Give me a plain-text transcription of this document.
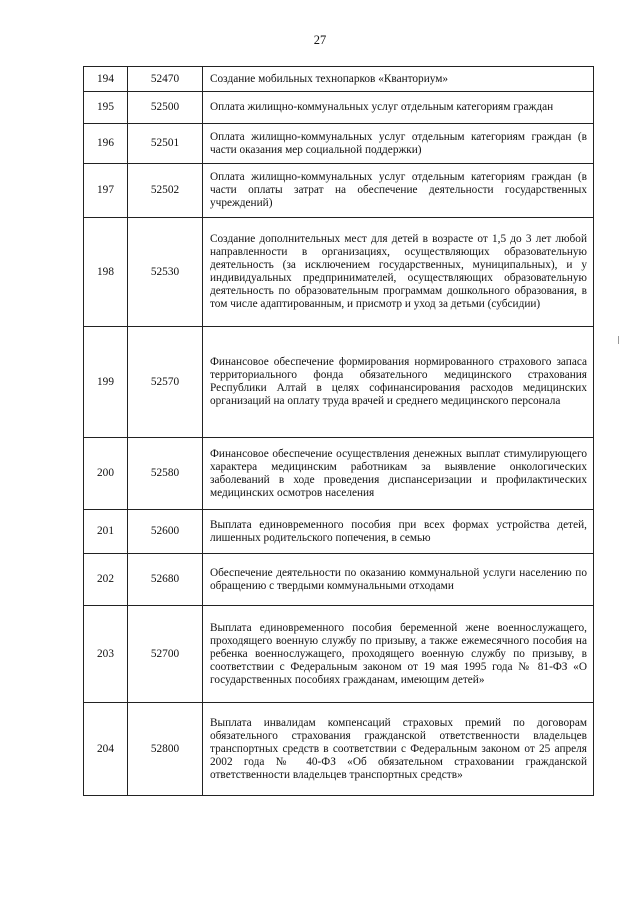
27
194	52470	Создание мобильных технопарков «Кванториум»
195	52500	Оплата жилищно-коммунальных услуг отдельным категориям граждан
196	52501	Оплата жилищно-коммунальных услуг отдельным категориям граждан (в части оказания мер социальной поддержки)
197	52502	Оплата жилищно-коммунальных услуг отдельным категориям граждан (в части оплаты затрат на обеспечение деятельности государственных учреждений)
198	52530	Создание дополнительных мест для детей в возрасте от 1,5 до 3 лет любой направленности в организациях, осуществляющих образовательную деятельность (за исключением государственных, муниципальных), и у индивидуальных предпринимателей, осуществляющих образовательную деятельность по образовательным программам дошкольного образования, в том числе адаптированным, и присмотр и уход за детьми (субсидии)
199	52570	Финансовое обеспечение формирования нормированного страхового запаса территориального фонда обязательного медицинского страхования Республики Алтай в целях софинансирования расходов медицинских организаций на оплату труда врачей и среднего медицинского персонала
200	52580	Финансовое обеспечение осуществления денежных выплат стимулирующего характера медицинским работникам за выявление онкологических заболеваний в ходе проведения диспансеризации и профилактических медицинских осмотров населения
201	52600	Выплата единовременного пособия при всех формах устройства детей, лишенных родительского попечения, в семью
202	52680	Обеспечение деятельности по оказанию коммунальной услуги населению по обращению с твердыми коммунальными отходами
203	52700	Выплата единовременного пособия беременной жене военнослужащего, проходящего военную службу по призыву, а также ежемесячного пособия на ребенка военнослужащего, проходящего военную службу по призыву, в соответствии с Федеральным законом от 19 мая 1995 года № 81-ФЗ «О государственных пособиях гражданам, имеющим детей»
204	52800	Выплата инвалидам компенсаций страховых премий по договорам обязательного страхования гражданской ответственности владельцев транспортных средств в соответствии с Федеральным законом от 25 апреля 2002 года № 40-ФЗ «Об обязательном страховании гражданской ответственности владельцев транспортных средств»
